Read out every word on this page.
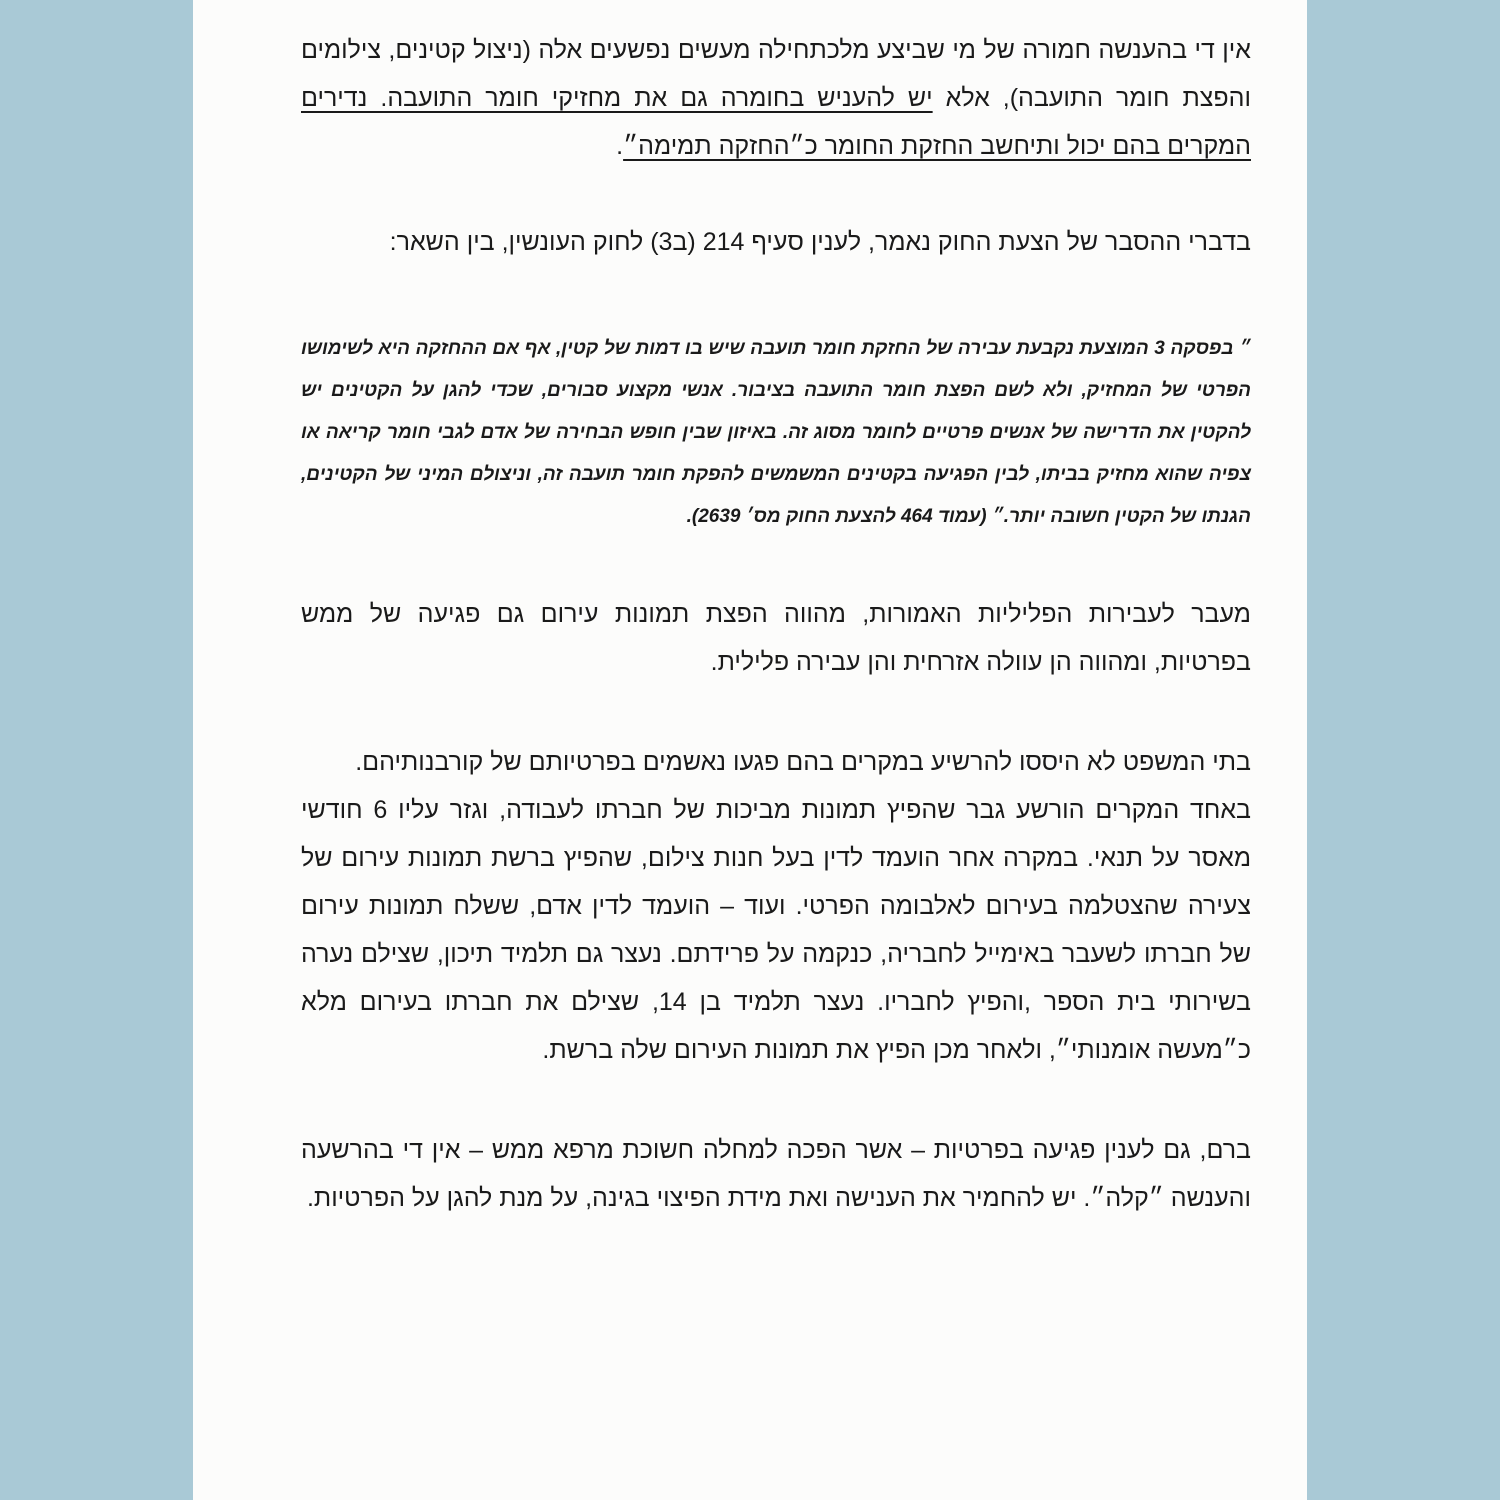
אין די בהענשה חמורה של מי שביצע מלכתחילה מעשים נפשעים אלה (ניצול קטינים, צילומים והפצת חומר התועבה), אלא יש להעניש בחומרה גם את מחזיקי חומר התועבה. נדירים המקרים בהם יכול ותיחשב החזקת החומר כ״החזקה תמימה״.

בדברי ההסבר של הצעת החוק נאמר, לענין סעיף 214 (ב3) לחוק העונשין, בין השאר:

״ בפסקה 3 המוצעת נקבעת עבירה של החזקת חומר תועבה שיש בו דמות של קטין, אף אם ההחזקה היא לשימושו הפרטי של המחזיק, ולא לשם הפצת חומר התועבה בציבור. אנשי מקצוע סבורים, שכדי להגן על הקטינים יש להקטין את הדרישה של אנשים פרטיים לחומר מסוג זה. באיזון שבין חופש הבחירה של אדם לגבי חומר קריאה או צפיה שהוא מחזיק בביתו, לבין הפגיעה בקטינים המשמשים להפקת חומר תועבה זה, וניצולם המיני של הקטינים, הגנתו של הקטין חשובה יותר.״ (עמוד 464 להצעת החוק מס׳ 2639).

מעבר לעבירות הפליליות האמורות, מהווה הפצת תמונות עירום גם פגיעה של ממש בפרטיות, ומהווה הן עוולה אזרחית והן עבירה פלילית.

בתי המשפט לא היססו להרשיע במקרים בהם פגעו נאשמים בפרטיותם של קורבנותיהם.

באחד המקרים הורשע גבר שהפיץ תמונות מביכות של חברתו לעבודה, וגזר עליו 6 חודשי מאסר על תנאי. במקרה אחר הועמד לדין בעל חנות צילום, שהפיץ ברשת תמונות עירום של צעירה שהצטלמה בעירום לאלבומה הפרטי. ועוד – הועמד לדין אדם, ששלח תמונות עירום של חברתו לשעבר באימייל לחבריה, כנקמה על פרידתם. נעצר גם תלמיד תיכון, שצילם נערה בשירותי בית הספר ,והפיץ לחבריו. נעצר תלמיד בן 14, שצילם את חברתו בעירום מלא כ״מעשה אומנותי״, ולאחר מכן הפיץ את תמונות העירום שלה ברשת.

ברם, גם לענין פגיעה בפרטיות – אשר הפכה למחלה חשוכת מרפא ממש – אין די בהרשעה והענשה ״קלה״. יש להחמיר את הענישה ואת מידת הפיצוי בגינה, על מנת להגן על הפרטיות.
